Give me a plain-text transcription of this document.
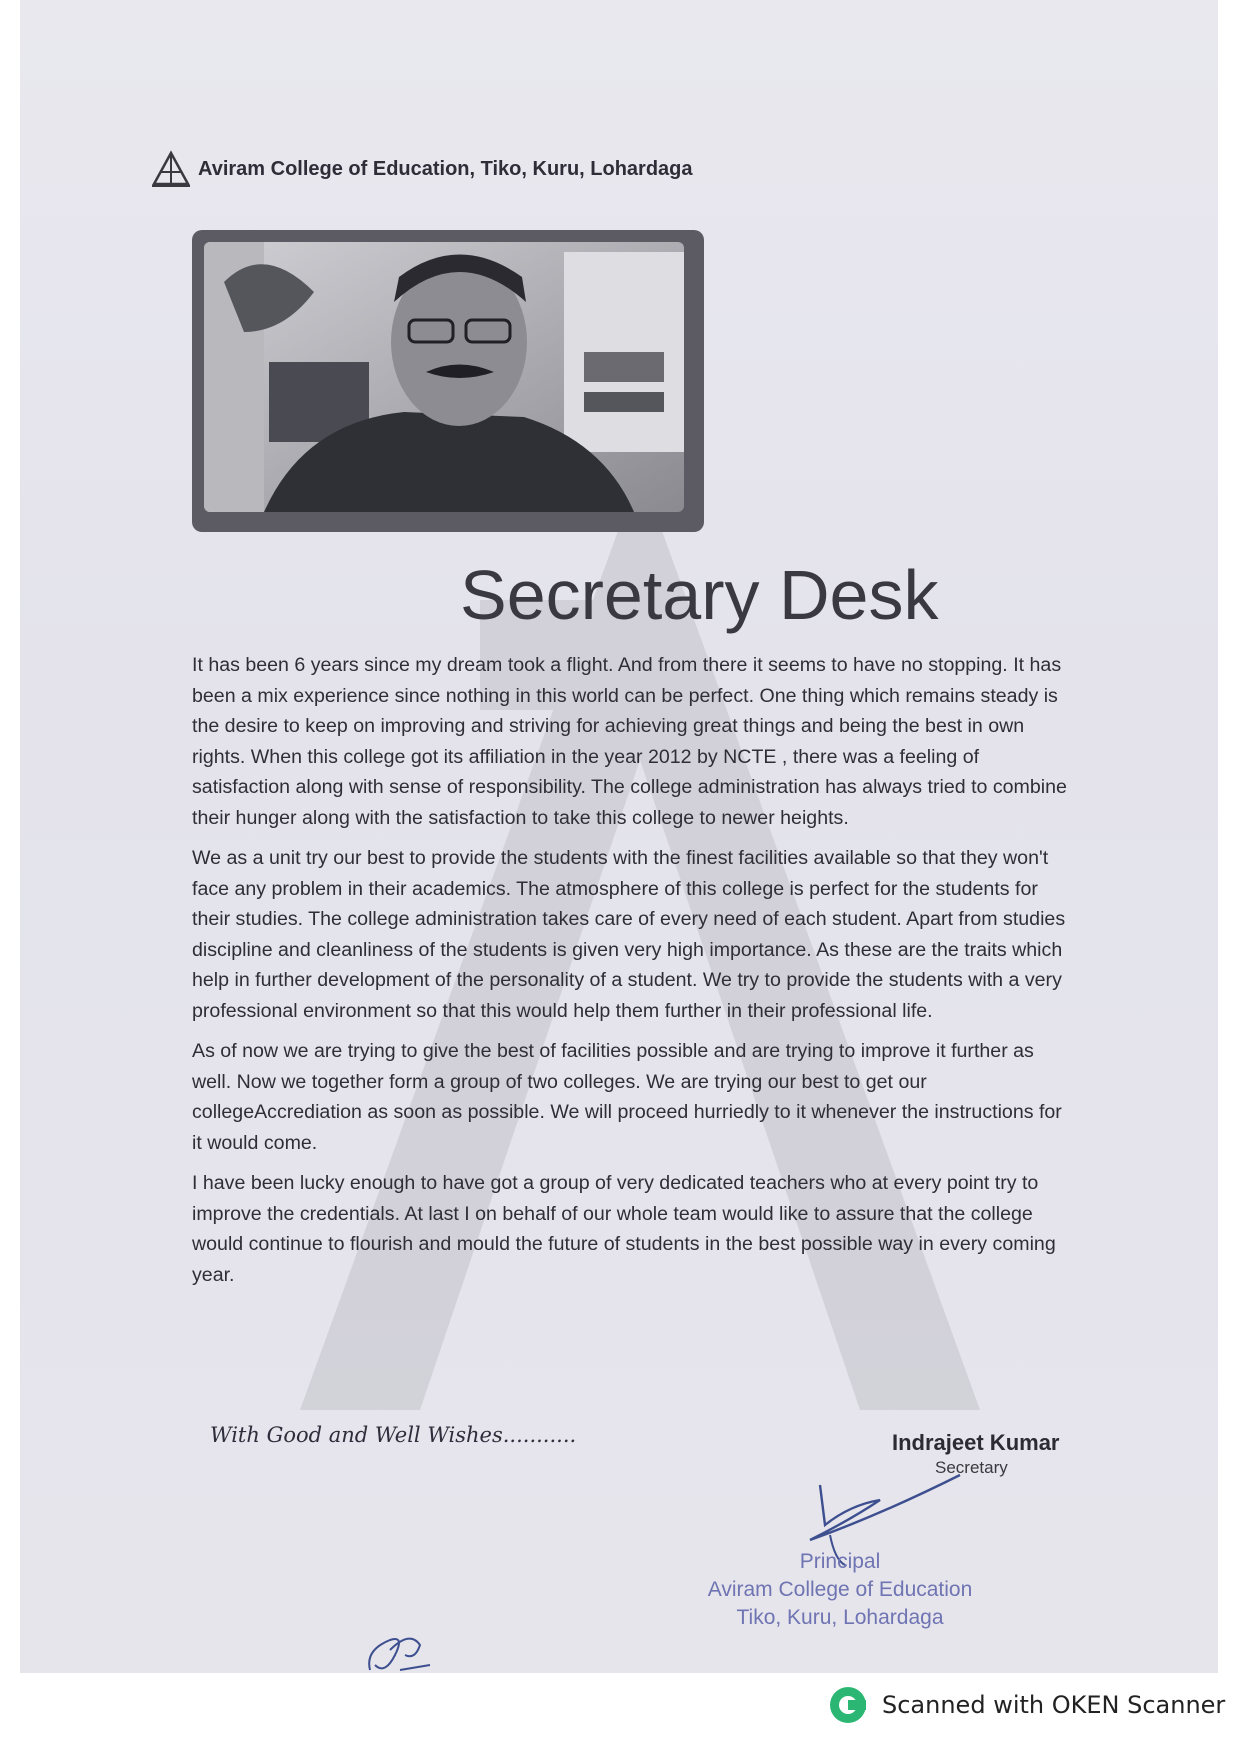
Aviram College of Education, Tiko, Kuru, Lohardaga
Secretary Desk

It has been 6 years since my dream took a flight. And from there it seems to have no stopping. It has been a mix experience since nothing in this world can be perfect. One thing which remains steady is the desire to keep on improving and striving for achieving great things and being the best in own rights. When this college got its affiliation in the year 2012 by NCTE , there was a feeling of satisfaction along with sense of responsibility. The college administration has always tried to combine their hunger along with the satisfaction to take this college to newer heights.

We as a unit try our best to provide the students with the finest facilities available so that they won't face any problem in their academics. The atmosphere of this college is perfect for the students for their studies. The college administration takes care of every need of each student. Apart from studies discipline and cleanliness of the students is given very high importance. As these are the traits which help in further development of the personality of a student. We try to provide the students with a very professional environment so that this would help them further in their professional life.

As of now we are trying to give the best of facilities possible and are trying to improve it further as well. Now we together form a group of two colleges. We are trying our best to get our collegeAccrediation as soon as possible. We will proceed hurriedly to it whenever the instructions for it would come.

I have been lucky enough to have got a group of very dedicated teachers who at every point try to improve the credentials. At last I on behalf of our whole team would like to assure that the college would continue to flourish and mould the future of students in the best possible way in every coming year.

With Good and Well Wishes...........	Indrajeet Kumar
Secretary
Principal
Aviram College of Education
Tiko, Kuru, Lohardaga
Scanned with OKEN Scanner
